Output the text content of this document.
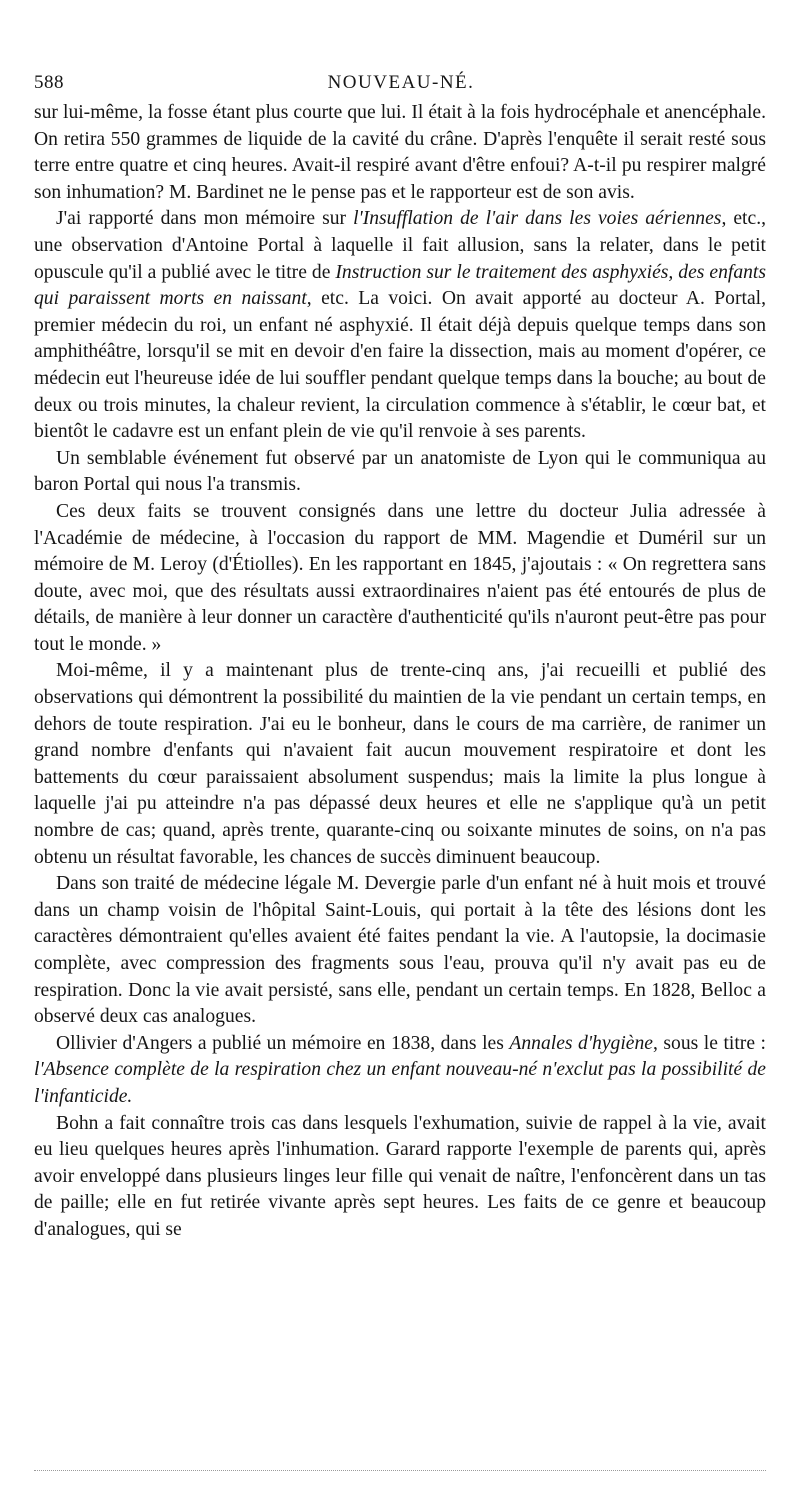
588	NOUVEAU-NÉ.

sur lui-même, la fosse étant plus courte que lui. Il était à la fois hydrocéphale et anencéphale. On retira 550 grammes de liquide de la cavité du crâne. D'après l'enquête il serait resté sous terre entre quatre et cinq heures. Avait-il respiré avant d'être enfoui? A-t-il pu respirer malgré son inhumation? M. Bardinet ne le pense pas et le rapporteur est de son avis.

J'ai rapporté dans mon mémoire sur l'Insufflation de l'air dans les voies aériennes, etc., une observation d'Antoine Portal à laquelle il fait allusion, sans la relater, dans le petit opuscule qu'il a publié avec le titre de Instruction sur le traitement des asphyxiés, des enfants qui paraissent morts en naissant, etc. La voici. On avait apporté au docteur A. Portal, premier médecin du roi, un enfant né asphyxié. Il était déjà depuis quelque temps dans son amphithéâtre, lorsqu'il se mit en devoir d'en faire la dissection, mais au moment d'opérer, ce médecin eut l'heureuse idée de lui souffler pendant quelque temps dans la bouche; au bout de deux ou trois minutes, la chaleur revient, la circulation commence à s'établir, le cœur bat, et bientôt le cadavre est un enfant plein de vie qu'il renvoie à ses parents.

Un semblable événement fut observé par un anatomiste de Lyon qui le communiqua au baron Portal qui nous l'a transmis.

Ces deux faits se trouvent consignés dans une lettre du docteur Julia adressée à l'Académie de médecine, à l'occasion du rapport de MM. Magendie et Duméril sur un mémoire de M. Leroy (d'Étiolles). En les rapportant en 1845, j'ajoutais : « On regrettera sans doute, avec moi, que des résultats aussi extraordinaires n'aient pas été entourés de plus de détails, de manière à leur donner un caractère d'authenticité qu'ils n'auront peut-être pas pour tout le monde. »

Moi-même, il y a maintenant plus de trente-cinq ans, j'ai recueilli et publié des observations qui démontrent la possibilité du maintien de la vie pendant un certain temps, en dehors de toute respiration. J'ai eu le bonheur, dans le cours de ma carrière, de ranimer un grand nombre d'enfants qui n'avaient fait aucun mouvement respiratoire et dont les battements du cœur paraissaient absolument suspendus; mais la limite la plus longue à laquelle j'ai pu atteindre n'a pas dépassé deux heures et elle ne s'applique qu'à un petit nombre de cas; quand, après trente, quarante-cinq ou soixante minutes de soins, on n'a pas obtenu un résultat favorable, les chances de succès diminuent beaucoup.

Dans son traité de médecine légale M. Devergie parle d'un enfant né à huit mois et trouvé dans un champ voisin de l'hôpital Saint-Louis, qui portait à la tête des lésions dont les caractères démontraient qu'elles avaient été faites pendant la vie. A l'autopsie, la docimasie complète, avec compression des fragments sous l'eau, prouva qu'il n'y avait pas eu de respiration. Donc la vie avait persisté, sans elle, pendant un certain temps. En 1828, Belloc a observé deux cas analogues.

Ollivier d'Angers a publié un mémoire en 1838, dans les Annales d'hygiène, sous le titre : l'Absence complète de la respiration chez un enfant nouveau-né n'exclut pas la possibilité de l'infanticide.

Bohn a fait connaître trois cas dans lesquels l'exhumation, suivie de rappel à la vie, avait eu lieu quelques heures après l'inhumation. Garard rapporte l'exemple de parents qui, après avoir enveloppé dans plusieurs linges leur fille qui venait de naître, l'enfoncèrent dans un tas de paille; elle en fut retirée vivante après sept heures. Les faits de ce genre et beaucoup d'analogues, qui se
